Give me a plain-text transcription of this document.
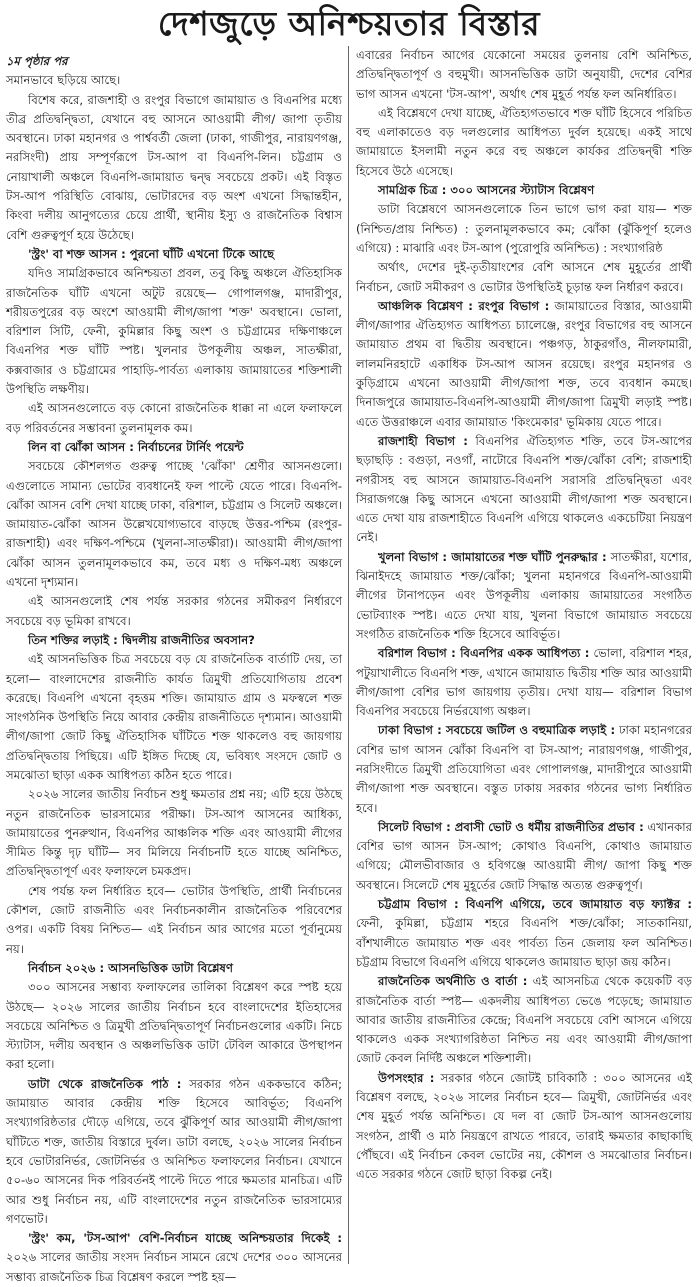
দেশজুড়ে অনিশ্চয়তার বিস্তার
১ম পৃষ্ঠার পর

সমানভাবে ছড়িয়ে আছে।

বিশেষ করে, রাজশাহী ও রংপুর বিভাগে জামায়াত ও বিএনপির মধ্যে তীব্র প্রতিদ্বন্দ্বিতা, যেখানে বহু আসনে আওয়ামী লীগ/ জাপা তৃতীয় অবস্থানে। ঢাকা মহানগর ও পার্শ্ববর্তী জেলা (ঢাকা, গাজীপুর, নারায়ণগঞ্জ, নরসিংদী) প্রায় সম্পূর্ণরূপে টস-আপ বা বিএনপি-লিন। চট্টগ্রাম ও নোয়াখালী অঞ্চলে বিএনপি-জামায়াত দ্বন্দ্ব সবচেয়ে প্রকট। এই বিস্তৃত টস-আপ পরিস্থিতি বোঝায়, ভোটারদের বড় অংশ এখনো সিদ্ধান্তহীন, কিংবা দলীয় আনুগত্যের চেয়ে প্রার্থী, স্থানীয় ইস্যু ও রাজনৈতিক বিশ্বাস বেশি গুরুত্বপূর্ণ হয়ে উঠেছে।

'স্ট্রং' বা শক্ত আসন : পুরনো ঘাঁটি এখনো টিকে আছে

যদিও সামগ্রিকভাবে অনিশ্চয়তা প্রবল, তবু কিছু অঞ্চলে ঐতিহাসিক রাজনৈতিক ঘাঁটি এখনো অটুট রয়েছে— গোপালগঞ্জ, মাদারীপুর, শরীয়তপুরের বড় অংশে আওয়ামী লীগ/জাপা 'শক্ত' অবস্থানে। ভোলা, বরিশাল সিটি, ফেনী, কুমিল্লার কিছু অংশ ও চট্টগ্রামের দক্ষিণাঞ্চলে বিএনপির শক্ত ঘাঁটি স্পষ্ট। খুলনার উপকূলীয় অঞ্চল, সাতক্ষীরা, কক্সবাজার ও চট্টগ্রামের পাহাড়ি-পার্বত্য এলাকায় জামায়াতের শক্তিশালী উপস্থিতি লক্ষণীয়।

এই আসনগুলোতে বড় কোনো রাজনৈতিক ধাক্কা না এলে ফলাফলে বড় পরিবর্তনের সম্ভাবনা তুলনামূলক কম।

লিন বা ঝোঁকা আসন : নির্বাচনের টার্নিং পয়েন্ট

সবচেয়ে কৌশলগত গুরুত্ব পাচ্ছে 'ঝোঁকা' শ্রেণীর আসনগুলো। এগুলোতে সামান্য ভোটের ব্যবধানেই ফল পাল্টে যেতে পারে। বিএনপি-ঝোঁকা আসন বেশি দেখা যাচ্ছে ঢাকা, বরিশাল, চট্টগ্রাম ও সিলেট অঞ্চলে। জামায়াত-ঝোঁকা আসন উল্লেখযোগ্যভাবে বাড়ছে উত্তর-পশ্চিম (রংপুর-রাজশাহী) এবং দক্ষিণ-পশ্চিমে (খুলনা-সাতক্ষীরা)। আওয়ামী লীগ/জাপা ঝোঁকা আসন তুলনামূলকভাবে কম, তবে মধ্য ও দক্ষিণ-মধ্য অঞ্চলে এখনো দৃশ্যমান।

এই আসনগুলোই শেষ পর্যন্ত সরকার গঠনের সমীকরণ নির্ধারণে সবচেয়ে বড় ভূমিকা রাখবে।

তিন শক্তির লড়াই : দ্বিদলীয় রাজনীতির অবসান?

এই আসনভিত্তিক চিত্র সবচেয়ে বড় যে রাজনৈতিক বার্তাটি দেয়, তা হলো— বাংলাদেশের রাজনীতি কার্যত ত্রিমুখী প্রতিযোগিতায় প্রবেশ করেছে। বিএনপি এখনো বৃহত্তম শক্তি। জামায়াত গ্রাম ও মফস্বলে শক্ত সাংগঠনিক উপস্থিতি নিয়ে আবার কেন্দ্রীয় রাজনীতিতে দৃশ্যমান। আওয়ামী লীগ/জাপা জোট কিছু ঐতিহাসিক ঘাঁটিতে শক্ত থাকলেও বহু জায়গায় প্রতিদ্বন্দ্বিতায় পিছিয়ে। এটি ইঙ্গিত দিচ্ছে যে, ভবিষ্যৎ সংসদে জোট ও সমঝোতা ছাড়া একক আধিপত্য কঠিন হতে পারে।

২০২৬ সালের জাতীয় নির্বাচন শুধু ক্ষমতার প্রশ্ন নয়; এটি হয়ে উঠছে নতুন রাজনৈতিক ভারসাম্যের পরীক্ষা। টস-আপ আসনের আধিক্য, জামায়াতের পুনরুত্থান, বিএনপির আঞ্চলিক শক্তি এবং আওয়ামী লীগের সীমিত কিন্তু দৃঢ় ঘাঁটি— সব মিলিয়ে নির্বাচনটি হতে যাচ্ছে অনিশ্চিত, প্রতিদ্বন্দ্বিতাপূর্ণ এবং ফলাফলে চমকপ্রদ।

শেষ পর্যন্ত ফল নির্ধারিত হবে— ভোটার উপস্থিতি, প্রার্থী নির্বাচনের কৌশল, জোট রাজনীতি এবং নির্বাচনকালীন রাজনৈতিক পরিবেশের ওপর। একটি বিষয় নিশ্চিত— এই নির্বাচন আর আগের মতো পূর্বানুমেয় নয়।

নির্বাচন ২০২৬ : আসনভিত্তিক ডাটা বিশ্লেষণ

৩০০ আসনের সম্ভাব্য ফলাফলের তালিকা বিশ্লেষণ করে স্পষ্ট হয়ে উঠছে— ২০২৬ সালের জাতীয় নির্বাচন হবে বাংলাদেশের ইতিহাসের সবচেয়ে অনিশ্চিত ও ত্রিমুখী প্রতিদ্বন্দ্বিতাপূর্ণ নির্বাচনগুলোর একটি। নিচে স্ট্যাটাস, দলীয় অবস্থান ও অঞ্চলভিত্তিক ডাটা টেবিল আকারে উপস্থাপন করা হলো।

ডাটা থেকে রাজনৈতিক পাঠ : সরকার গঠন এককভাবে কঠিন; জামায়াত আবার কেন্দ্রীয় শক্তি হিসেবে আবির্ভূত; বিএনপি সংখ্যাগরিষ্ঠতার দৌড়ে এগিয়ে, তবে ঝুঁকিপূর্ণ আর আওয়ামী লীগ/জাপা ঘাঁটিতে শক্ত, জাতীয় বিস্তারে দুর্বল। ডাটা বলছে, ২০২৬ সালের নির্বাচন হবে ভোটারনির্ভর, জোটনির্ভর ও অনিশ্চিত ফলাফলের নির্বাচন। যেখানে ৫০-৬০ আসনের দিক পরিবর্তনই পাল্টে দিতে পারে ক্ষমতার মানচিত্র। এটি আর শুধু নির্বাচন নয়, এটি বাংলাদেশের নতুন রাজনৈতিক ভারসাম্যের গণভোট।

'স্ট্রং' কম, 'টস-আপ' বেশি-নির্বাচন যাচ্ছে অনিশ্চয়তার দিকেই : ২০২৬ সালের জাতীয় সংসদ নির্বাচন সামনে রেখে দেশের ৩০০ আসনের সম্ভাব্য রাজনৈতিক চিত্র বিশ্লেষণ করলে স্পষ্ট হয়—

এবারের নির্বাচন আগের যেকোনো সময়ের তুলনায় বেশি অনিশ্চিত, প্রতিদ্বন্দ্বিতাপূর্ণ ও বহুমুখী। আসনভিত্তিক ডাটা অনুযায়ী, দেশের বেশির ভাগ আসন এখনো 'টস-আপ', অর্থাৎ শেষ মুহূর্ত পর্যন্ত ফল অনির্ধারিত।

এই বিশ্লেষণে দেখা যাচ্ছে, ঐতিহ্যগতভাবে শক্ত ঘাঁটি হিসেবে পরিচিত বহু এলাকাতেও বড় দলগুলোর আধিপত্য দুর্বল হয়েছে। একই সাথে জামায়াতে ইসলামী নতুন করে বহু অঞ্চলে কার্যকর প্রতিদ্বন্দ্বী শক্তি হিসেবে উঠে এসেছে।

সামগ্রিক চিত্র : ৩০০ আসনের স্ট্যাটাস বিশ্লেষণ

ডাটা বিশ্লেষণে আসনগুলোকে তিন ভাগে ভাগ করা যায়— শক্ত (নিশ্চিত/প্রায় নিশ্চিত) : তুলনামূলকভাবে কম; ঝোঁকা (ঝুঁকিপূর্ণ হলেও এগিয়ে) : মাঝারি এবং টস-আপ (পুরোপুরি অনিশ্চিত) : সংখ্যাগরিষ্ঠ

অর্থাৎ, দেশের দুই-তৃতীয়াংশের বেশি আসনে শেষ মুহূর্তের প্রার্থী নির্বাচন, জোট সমীকরণ ও ভোটার উপস্থিতিই চূড়ান্ত ফল নির্ধারণ করবে।

আঞ্চলিক বিশ্লেষণ : রংপুর বিভাগ : জামায়াতের বিস্তার, আওয়ামী লীগ/জাপার ঐতিহ্যগত আধিপত্য চ্যালেঞ্জে, রংপুর বিভাগের বহু আসনে জামায়াত প্রথম বা দ্বিতীয় অবস্থানে। পঞ্চগড়, ঠাকুরগাঁও, নীলফামারী, লালমনিরহাটে একাধিক টস-আপ আসন রয়েছে। রংপুর মহানগর ও কুড়িগ্রামে এখনো আওয়ামী লীগ/জাপা শক্ত, তবে ব্যবধান কমছে। দিনাজপুরে জামায়াত-বিএনপি-আওয়ামী লীগ/জাপা ত্রিমুখী লড়াই স্পষ্ট। এতে উত্তরাঞ্চলে এবার জামায়াত 'কিংমেকার' ভূমিকায় যেতে পারে।

রাজশাহী বিভাগ : বিএনপির ঐতিহ্যগত শক্তি, তবে টস-আপের ছড়াছড়ি : বগুড়া, নওগাঁ, নাটোরে বিএনপি শক্ত/ঝোঁকা বেশি; রাজশাহী নগরীসহ বহু আসনে জামায়াত-বিএনপি সরাসরি প্রতিদ্বন্দ্বিতা এবং সিরাজগঞ্জে কিছু আসনে এখনো আওয়ামী লীগ/জাপা শক্ত অবস্থানে। এতে দেখা যায় রাজশাহীতে বিএনপি এগিয়ে থাকলেও একচেটিয়া নিয়ন্ত্রণ নেই।

খুলনা বিভাগ : জামায়াতের শক্ত ঘাঁটি পুনরুদ্ধার : সাতক্ষীরা, যশোর, ঝিনাইদহে জামায়াত শক্ত/ঝোঁকা; খুলনা মহানগরে বিএনপি-আওয়ামী লীগের টানাপড়েন এবং উপকূলীয় এলাকায় জামায়াতের সংগঠিত ভোটব্যাংক স্পষ্ট। এতে দেখা যায়, খুলনা বিভাগে জামায়াত সবচেয়ে সংগঠিত রাজনৈতিক শক্তি হিসেবে আবির্ভূত।

বরিশাল বিভাগ : বিএনপির একক আধিপত্য : ভোলা, বরিশাল শহর, পটুয়াখালীতে বিএনপি শক্ত, এখানে জামায়াত দ্বিতীয় শক্তি আর আওয়ামী লীগ/জাপা বেশির ভাগ জায়গায় তৃতীয়। দেখা যায়— বরিশাল বিভাগ বিএনপির সবচেয়ে নির্ভরযোগ্য অঞ্চল।

ঢাকা বিভাগ : সবচেয়ে জটিল ও বহুমাত্রিক লড়াই : ঢাকা মহানগরের বেশির ভাগ আসন ঝোঁকা বিএনপি বা টস-আপ; নারায়ণগঞ্জ, গাজীপুর, নরসিংদীতে ত্রিমুখী প্রতিযোগিতা এবং গোপালগঞ্জ, মাদারীপুরে আওয়ামী লীগ/জাপা শক্ত অবস্থানে। বস্তুত ঢাকায় সরকার গঠনের ভাগ্য নির্ধারিত হবে।

সিলেট বিভাগ : প্রবাসী ভোট ও ধর্মীয় রাজনীতির প্রভাব : এখানকার বেশির ভাগ আসন টস-আপ; কোথাও বিএনপি, কোথাও জামায়াত এগিয়ে; মৌলভীবাজার ও হবিগঞ্জে আওয়ামী লীগ/ জাপা কিছু শক্ত অবস্থানে। সিলেটে শেষ মুহূর্তের জোট সিদ্ধান্ত অত্যন্ত গুরুত্বপূর্ণ।

চট্টগ্রাম বিভাগ : বিএনপি এগিয়ে, তবে জামায়াত বড় ফ্যাক্টর : ফেনী, কুমিল্লা, চট্টগ্রাম শহরে বিএনপি শক্ত/ঝোঁকা; সাতকানিয়া, বাঁশখালীতে জামায়াত শক্ত এবং পার্বত্য তিন জেলায় ফল অনিশ্চিত। চট্টগ্রাম বিভাগে বিএনপি এগিয়ে থাকলেও জামায়াত ছাড়া জয় কঠিন।

রাজনৈতিক অর্থনীতি ও বার্তা : এই আসনচিত্র থেকে কয়েকটি বড় রাজনৈতিক বার্তা স্পষ্ট— একদলীয় আধিপত্য ভেঙে পড়েছে; জামায়াত আবার জাতীয় রাজনীতির কেন্দ্রে; বিএনপি সবচেয়ে বেশি আসনে এগিয়ে থাকলেও একক সংখ্যাগরিষ্ঠতা নিশ্চিত নয় এবং আওয়ামী লীগ/জাপা জোট কেবল নির্দিষ্ট অঞ্চলে শক্তিশালী।

উপসংহার : সরকার গঠনে জোটই চাবিকাঠি : ৩০০ আসনের এই বিশ্লেষণ বলছে, ২০২৬ সালের নির্বাচন হবে— ত্রিমুখী, জোটনির্ভর এবং শেষ মুহূর্ত পর্যন্ত অনিশ্চিত। যে দল বা জোট টস-আপ আসনগুলোয় সংগঠন, প্রার্থী ও মাঠ নিয়ন্ত্রণে রাখতে পারবে, তারাই ক্ষমতার কাছাকাছি পৌঁছবে। এই নির্বাচন কেবল ভোটের নয়, কৌশল ও সমঝোতার নির্বাচন। এতে সরকার গঠনে জোট ছাড়া বিকল্প নেই।
